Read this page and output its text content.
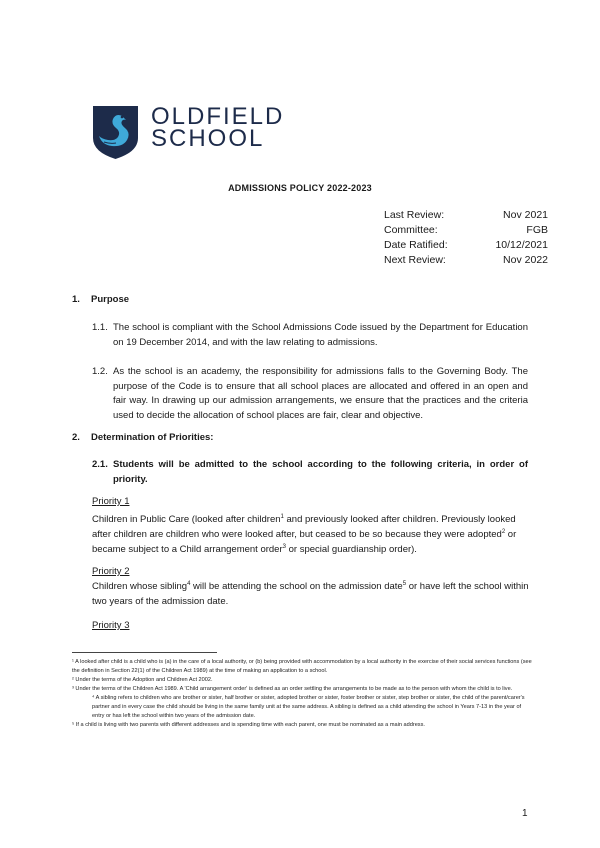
OLDFIELD
SCHOOL
ADMISSIONS POLICY 2022-2023
Last Review:	Nov 2021
Committee:	FGB
Date Ratified:	10/12/2021
Next Review:	Nov 2022
1. Purpose
1.1. The school is compliant with the School Admissions Code issued by the Department for Education on 19 December 2014, and with the law relating to admissions.
1.2. As the school is an academy, the responsibility for admissions falls to the Governing Body. The purpose of the Code is to ensure that all school places are allocated and offered in an open and fair way. In drawing up our admission arrangements, we ensure that the practices and the criteria used to decide the allocation of school places are fair, clear and objective.
2. Determination of Priorities:
2.1. Students will be admitted to the school according to the following criteria, in order of priority.
Priority 1
Children in Public Care (looked after children$^1$ and previously looked after children. Previously looked after children are children who were looked after, but ceased to be so because they were adopted$^2$ or became subject to a Child arrangement order$^3$ or special guardianship order).
Priority 2
Children whose sibling$^4$ will be attending the school on the admission date$^5$ or have left the school within two years of the admission date.
Priority 3

¹ A looked after child is a child who is (a) in the care of a local authority, or (b) being provided with accommodation by a local authority in the exercise of their social services functions (see the definition in Section 22(1) of the Children Act 1989) at the time of making an application to a school.

² Under the terms of the Adoption and Children Act 2002.

³ Under the terms of the Children Act 1989. A 'Child arrangement order' is defined as an order settling the arrangements to be made as to the person with whom the child is to live.

⁴ A sibling refers to children who are brother or sister, half brother or sister, adopted brother or sister, foster brother or sister, step brother or sister, the child of the parent/carer's partner and in every case the child should be living in the same family unit at the same address. A sibling is defined as a child attending the school in Years 7-13 in the year of entry or has left the school within two years of the admission date.

⁵ If a child is living with two parents with different addresses and is spending time with each parent, one must be nominated as a main address.

1
